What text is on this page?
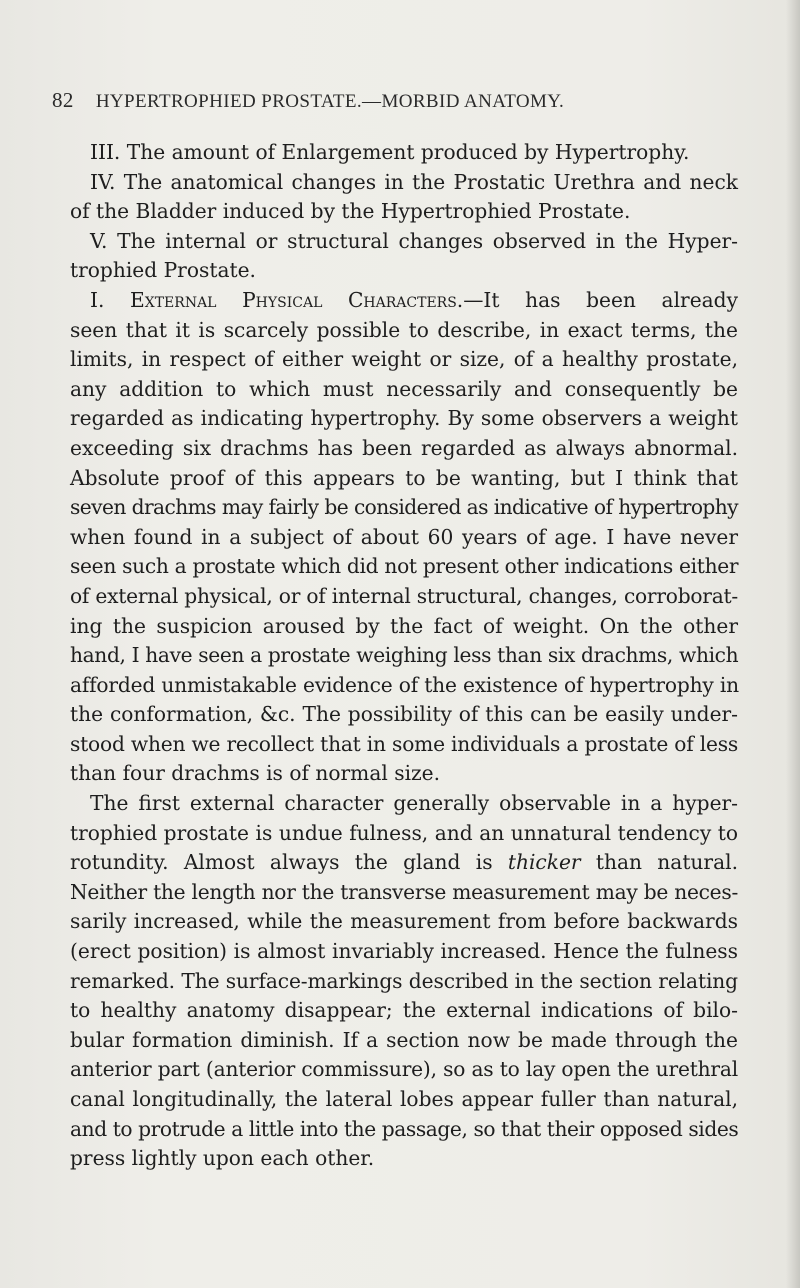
82 HYPERTROPHIED PROSTATE.—MORBID ANATOMY.
III. The amount of Enlargement produced by Hypertrophy.
IV. The anatomical changes in the Prostatic Urethra and neck
of the Bladder induced by the Hypertrophied Prostate.
V. The internal or structural changes observed in the Hyper-
trophied Prostate.
I. External Physical Characters.—It has been already
seen that it is scarcely possible to describe, in exact terms, the
limits, in respect of either weight or size, of a healthy prostate,
any addition to which must necessarily and consequently be
regarded as indicating hypertrophy. By some observers a weight
exceeding six drachms has been regarded as always abnormal.
Absolute proof of this appears to be wanting, but I think that
seven drachms may fairly be considered as indicative of hypertrophy
when found in a subject of about 60 years of age. I have never
seen such a prostate which did not present other indications either
of external physical, or of internal structural, changes, corroborat-
ing the suspicion aroused by the fact of weight. On the other
hand, I have seen a prostate weighing less than six drachms, which
afforded unmistakable evidence of the existence of hypertrophy in
the conformation, &c. The possibility of this can be easily under-
stood when we recollect that in some individuals a prostate of less
than four drachms is of normal size.
The first external character generally observable in a hyper-
trophied prostate is undue fulness, and an unnatural tendency to
rotundity. Almost always the gland is thicker than natural.
Neither the length nor the transverse measurement may be neces-
sarily increased, while the measurement from before backwards
(erect position) is almost invariably increased. Hence the fulness
remarked. The surface-markings described in the section relating
to healthy anatomy disappear; the external indications of bilo-
bular formation diminish. If a section now be made through the
anterior part (anterior commissure), so as to lay open the urethral
canal longitudinally, the lateral lobes appear fuller than natural,
and to protrude a little into the passage, so that their opposed sides
press lightly upon each other.
